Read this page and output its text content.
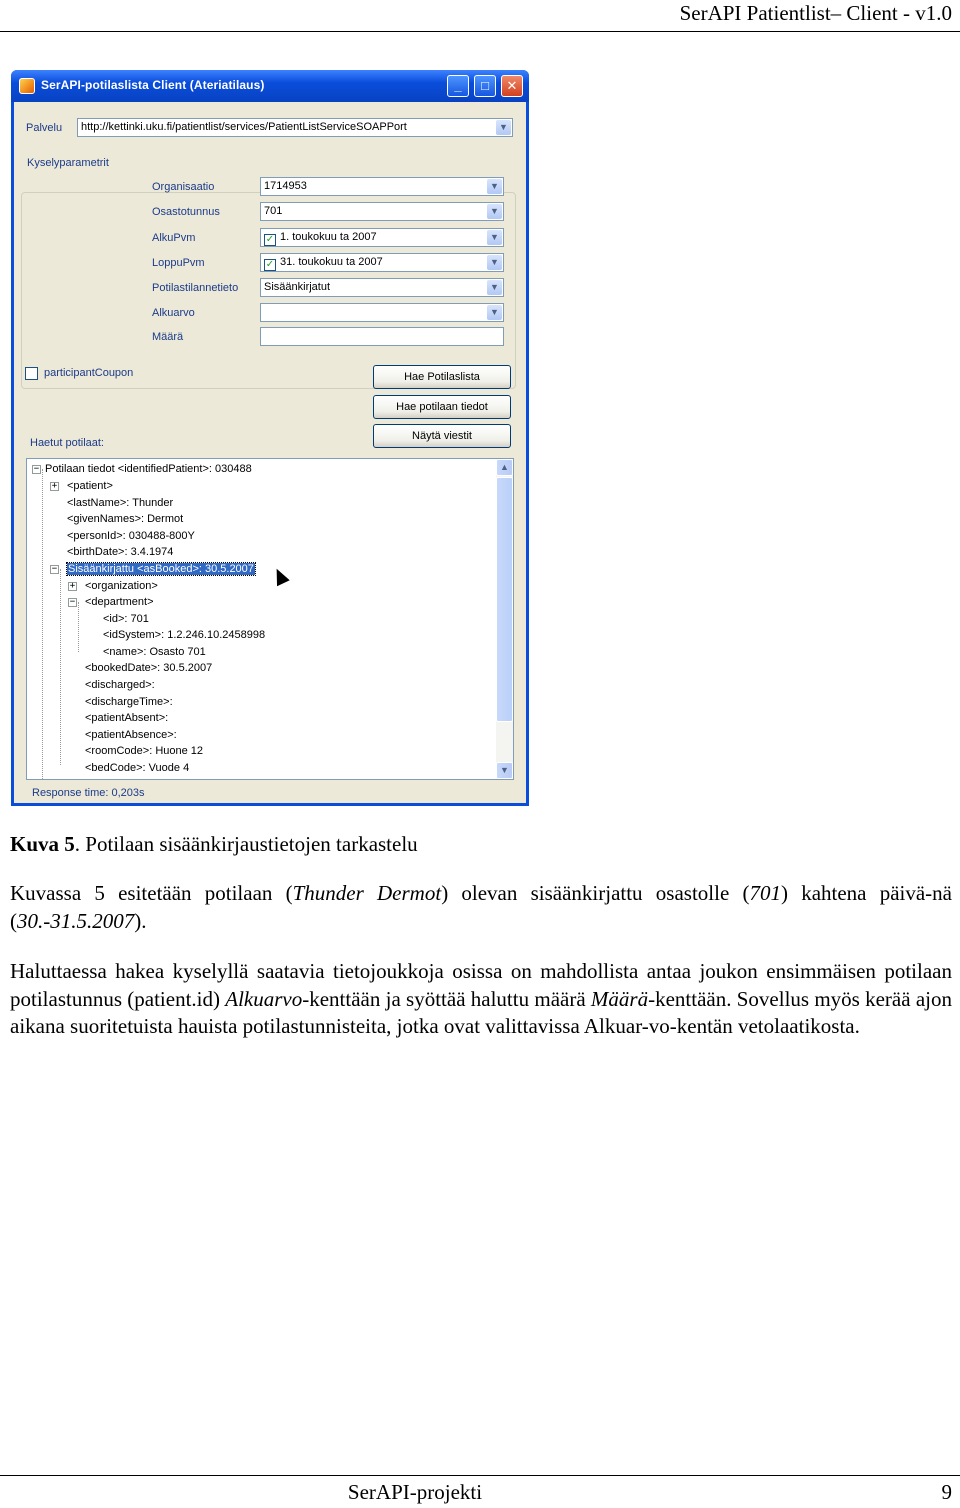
SerAPI Patientlist– Client - v1.0
SerAPI-potilaslista Client (Ateriatilaus)	_	□	✕
Palvelu	http://kettinki.uku.fi/patientlist/services/PatientListServiceSOAPPort	▼
Kyselyparametrit
Organisaatio	1714953	▼
Osastotunnus	701	▼
AlkuPvm	✓ 1. toukokuu ta 2007	▼
LoppuPvm	✓ 31. toukokuu ta 2007	▼
Potilastilannetieto	Sisäänkirjatut	▼
Alkuarvo	▼
Määrä
participantCoupon	Hae Potilaslista
Hae potilaan tiedot
Näytä viestit
Haetut potilaat:
− Potilaan tiedot <identifiedPatient>: 030488
+ <patient>
<lastName>: Thunder
<givenNames>: Dermot
<personId>: 030488-800Y
<birthDate>: 3.4.1974
− Sisäänkirjattu <asBooked>: 30.5.2007
+ <organization>
− <department>
<id>: 701
<idSystem>: 1.2.246.10.2458998
<name>: Osasto 701
<bookedDate>: 30.5.2007
<discharged>:
<dischargeTime>:
<patientAbsent>:
<patientAbsence>:
<roomCode>: Huone 12
<bedCode>: Vuode 4
▲
▼
Response time: 0,203s
Kuva 5. Potilaan sisäänkirjaustietojen tarkastelu

Kuvassa 5 esitetään potilaan (Thunder Dermot) olevan sisäänkirjattu osastolle (701) kahtena päivä-nä (30.-31.5.2007).

Haluttaessa hakea kyselyllä saatavia tietojoukkoja osissa on mahdollista antaa joukon ensimmäisen potilaan potilastunnus (patient.id) Alkuarvo-kenttään ja syöttää haluttu määrä Määrä-kenttään. Sovellus myös kerää ajon aikana suoritetuista hauista potilastunnisteita, jotka ovat valittavissa Alkuar-vo-kentän vetolaatikosta.

SerAPI-projekti	9
